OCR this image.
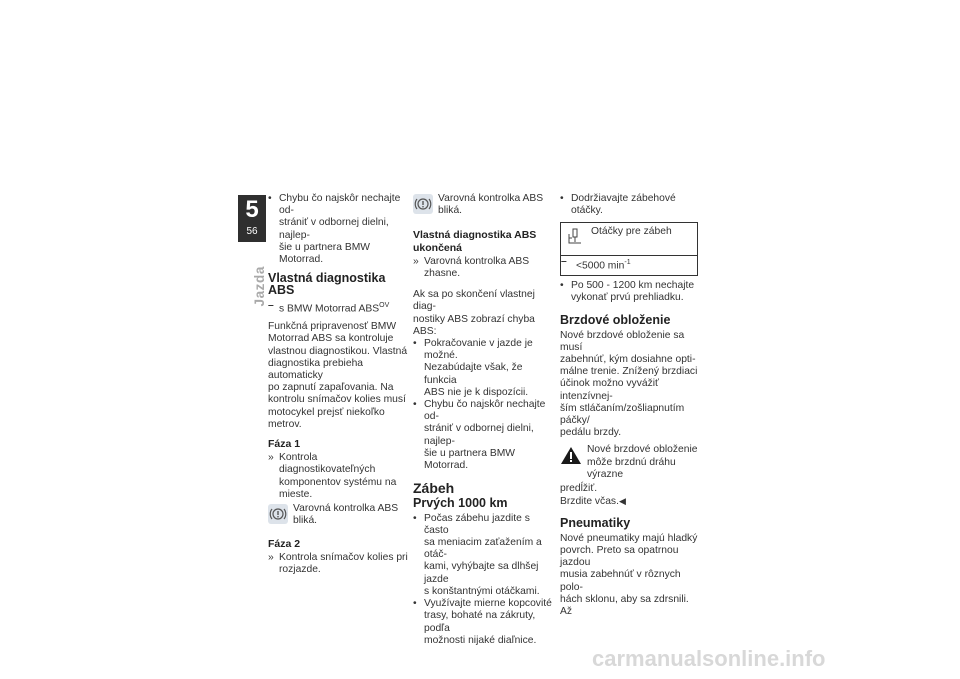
5
56
Jazda
• Chybu čo najskôr nechajte od-
strániť v odbornej dielni, najlep-
šie u partnera BMW Motorrad.
Vlastná diagnostika ABS
– s BMW Motorrad $ABS^{OV}$
Funkčná pripravenosť BMW
Motorrad ABS sa kontroluje
vlastnou diagnostikou. Vlastná
diagnostika prebieha automaticky
po zapnutí zapaľovania. Na
kontrolu snímačov kolies musí
motocykel prejsť niekoľko metrov.
Fáza 1
» Kontrola diagnostikovateľných
komponentov systému na
mieste.
Varovná kontrolka ABS
bliká.
Fáza 2
» Kontrola snímačov kolies pri
rozjazde.
Varovná kontrolka ABS
bliká.
Vlastná diagnostika ABS
ukončená
» Varovná kontrolka ABS zhasne.
Ak sa po skončení vlastnej diag-
nostiky ABS zobrazí chyba ABS:
• Pokračovanie v jazde je možné.
Nezabúdajte však, že funkcia
ABS nie je k dispozícii.
• Chybu čo najskôr nechajte od-
strániť v odbornej dielni, najlep-
šie u partnera BMW Motorrad.
Zábeh
Prvých 1000 km
• Počas zábehu jazdite s často
sa meniacim zaťažením a otáč-
kami, vyhýbajte sa dlhšej jazde
s konštantnými otáčkami.
• Využívajte mierne kopcovité
trasy, bohaté na zákruty, podľa
možnosti nijaké diaľnice.
• Dodržiavajte zábehové otáčky.
Otáčky pre zábeh
– <5000 $\min^{-1}$
• Po 500 - 1200 km nechajte
vykonať prvú prehliadku.
Brzdové obloženie
Nové brzdové obloženie sa musí
zabehnúť, kým dosiahne opti-
málne trenie. Znížený brzdiaci
účinok možno vyvážiť intenzívnej-
ším stláčaním/zošliapnutím páčky/
pedálu brzdy.
Nové brzdové obloženie
môže brzdnú dráhu výrazne
predĺžiť.
Brzdite včas.◀
Pneumatiky
Nové pneumatiky majú hladký
povrch. Preto sa opatrnou jazdou
musia zabehnúť v rôznych polo-
hách sklonu, aby sa zdrsnili. Až
carmanualsonline.info
